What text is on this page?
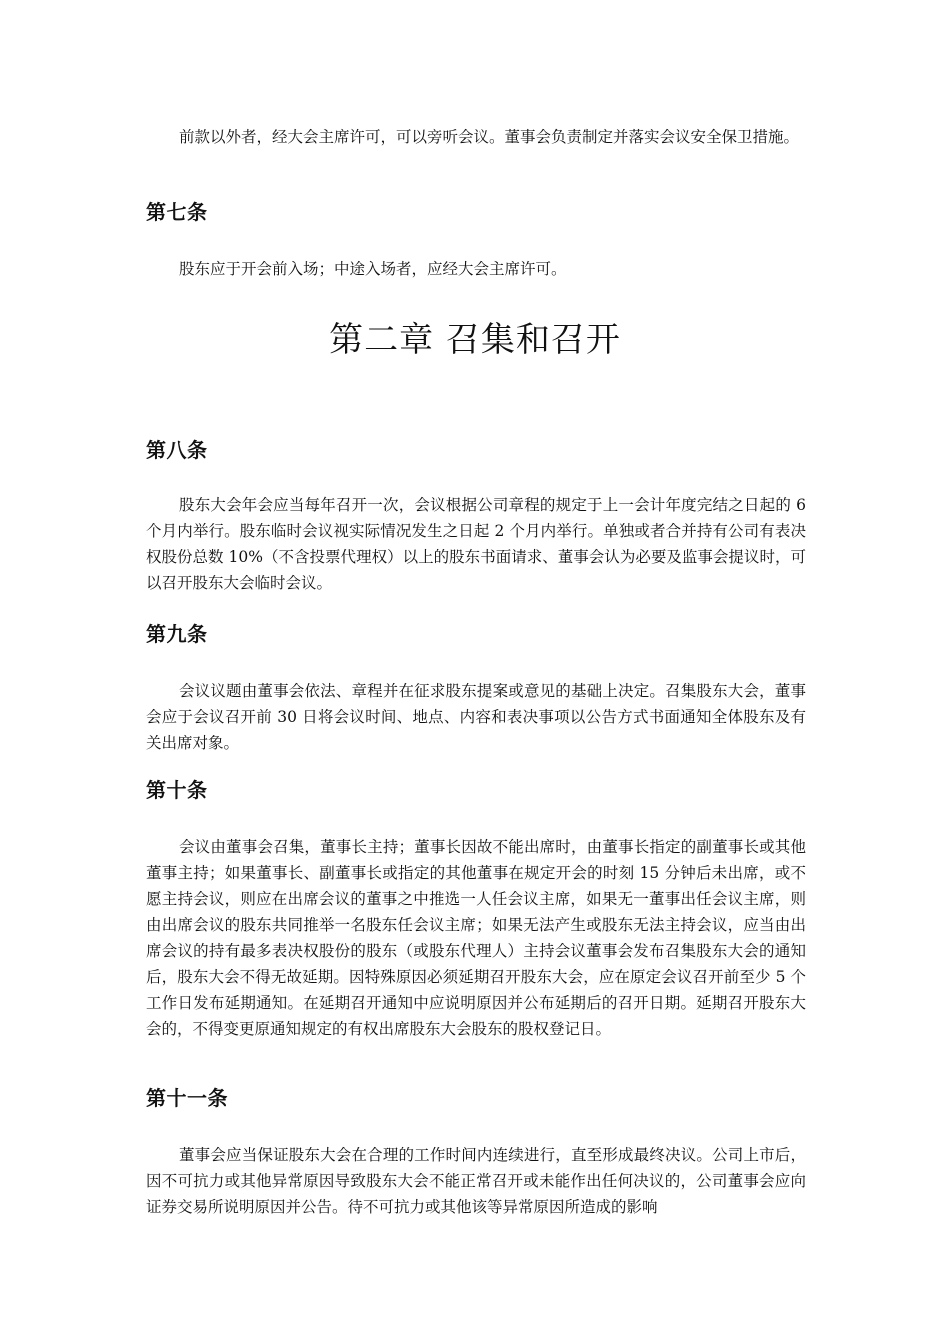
前款以外者，经大会主席许可，可以旁听会议。董事会负责制定并落实会议安全保卫措施。

第七条

股东应于开会前入场；中途入场者，应经大会主席许可。

第二章 召集和召开
第八条

股东大会年会应当每年召开一次，会议根据公司章程的规定于上一会计年度完结之日起的 6 个月内举行。股东临时会议视实际情况发生之日起 2 个月内举行。单独或者合并持有公司有表决权股份总数 10%（不含投票代理权）以上的股东书面请求、董事会认为必要及监事会提议时，可以召开股东大会临时会议。

第九条

会议议题由董事会依法、章程并在征求股东提案或意见的基础上决定。召集股东大会，董事会应于会议召开前 30 日将会议时间、地点、内容和表决事项以公告方式书面通知全体股东及有关出席对象。

第十条

会议由董事会召集，董事长主持；董事长因故不能出席时，由董事长指定的副董事长或其他董事主持；如果董事长、副董事长或指定的其他董事在规定开会的时刻 15 分钟后未出席，或不愿主持会议，则应在出席会议的董事之中推选一人任会议主席，如果无一董事出任会议主席，则由出席会议的股东共同推举一名股东任会议主席；如果无法产生或股东无法主持会议，应当由出席会议的持有最多表决权股份的股东（或股东代理人）主持会议董事会发布召集股东大会的通知后，股东大会不得无故延期。因特殊原因必须延期召开股东大会，应在原定会议召开前至少 5 个工作日发布延期通知。在延期召开通知中应说明原因并公布延期后的召开日期。延期召开股东大会的，不得变更原通知规定的有权出席股东大会股东的股权登记日。

第十一条

董事会应当保证股东大会在合理的工作时间内连续进行，直至形成最终决议。公司上市后，因不可抗力或其他异常原因导致股东大会不能正常召开或未能作出任何决议的，公司董事会应向证券交易所说明原因并公告。待不可抗力或其他该等异常原因所造成的影响
